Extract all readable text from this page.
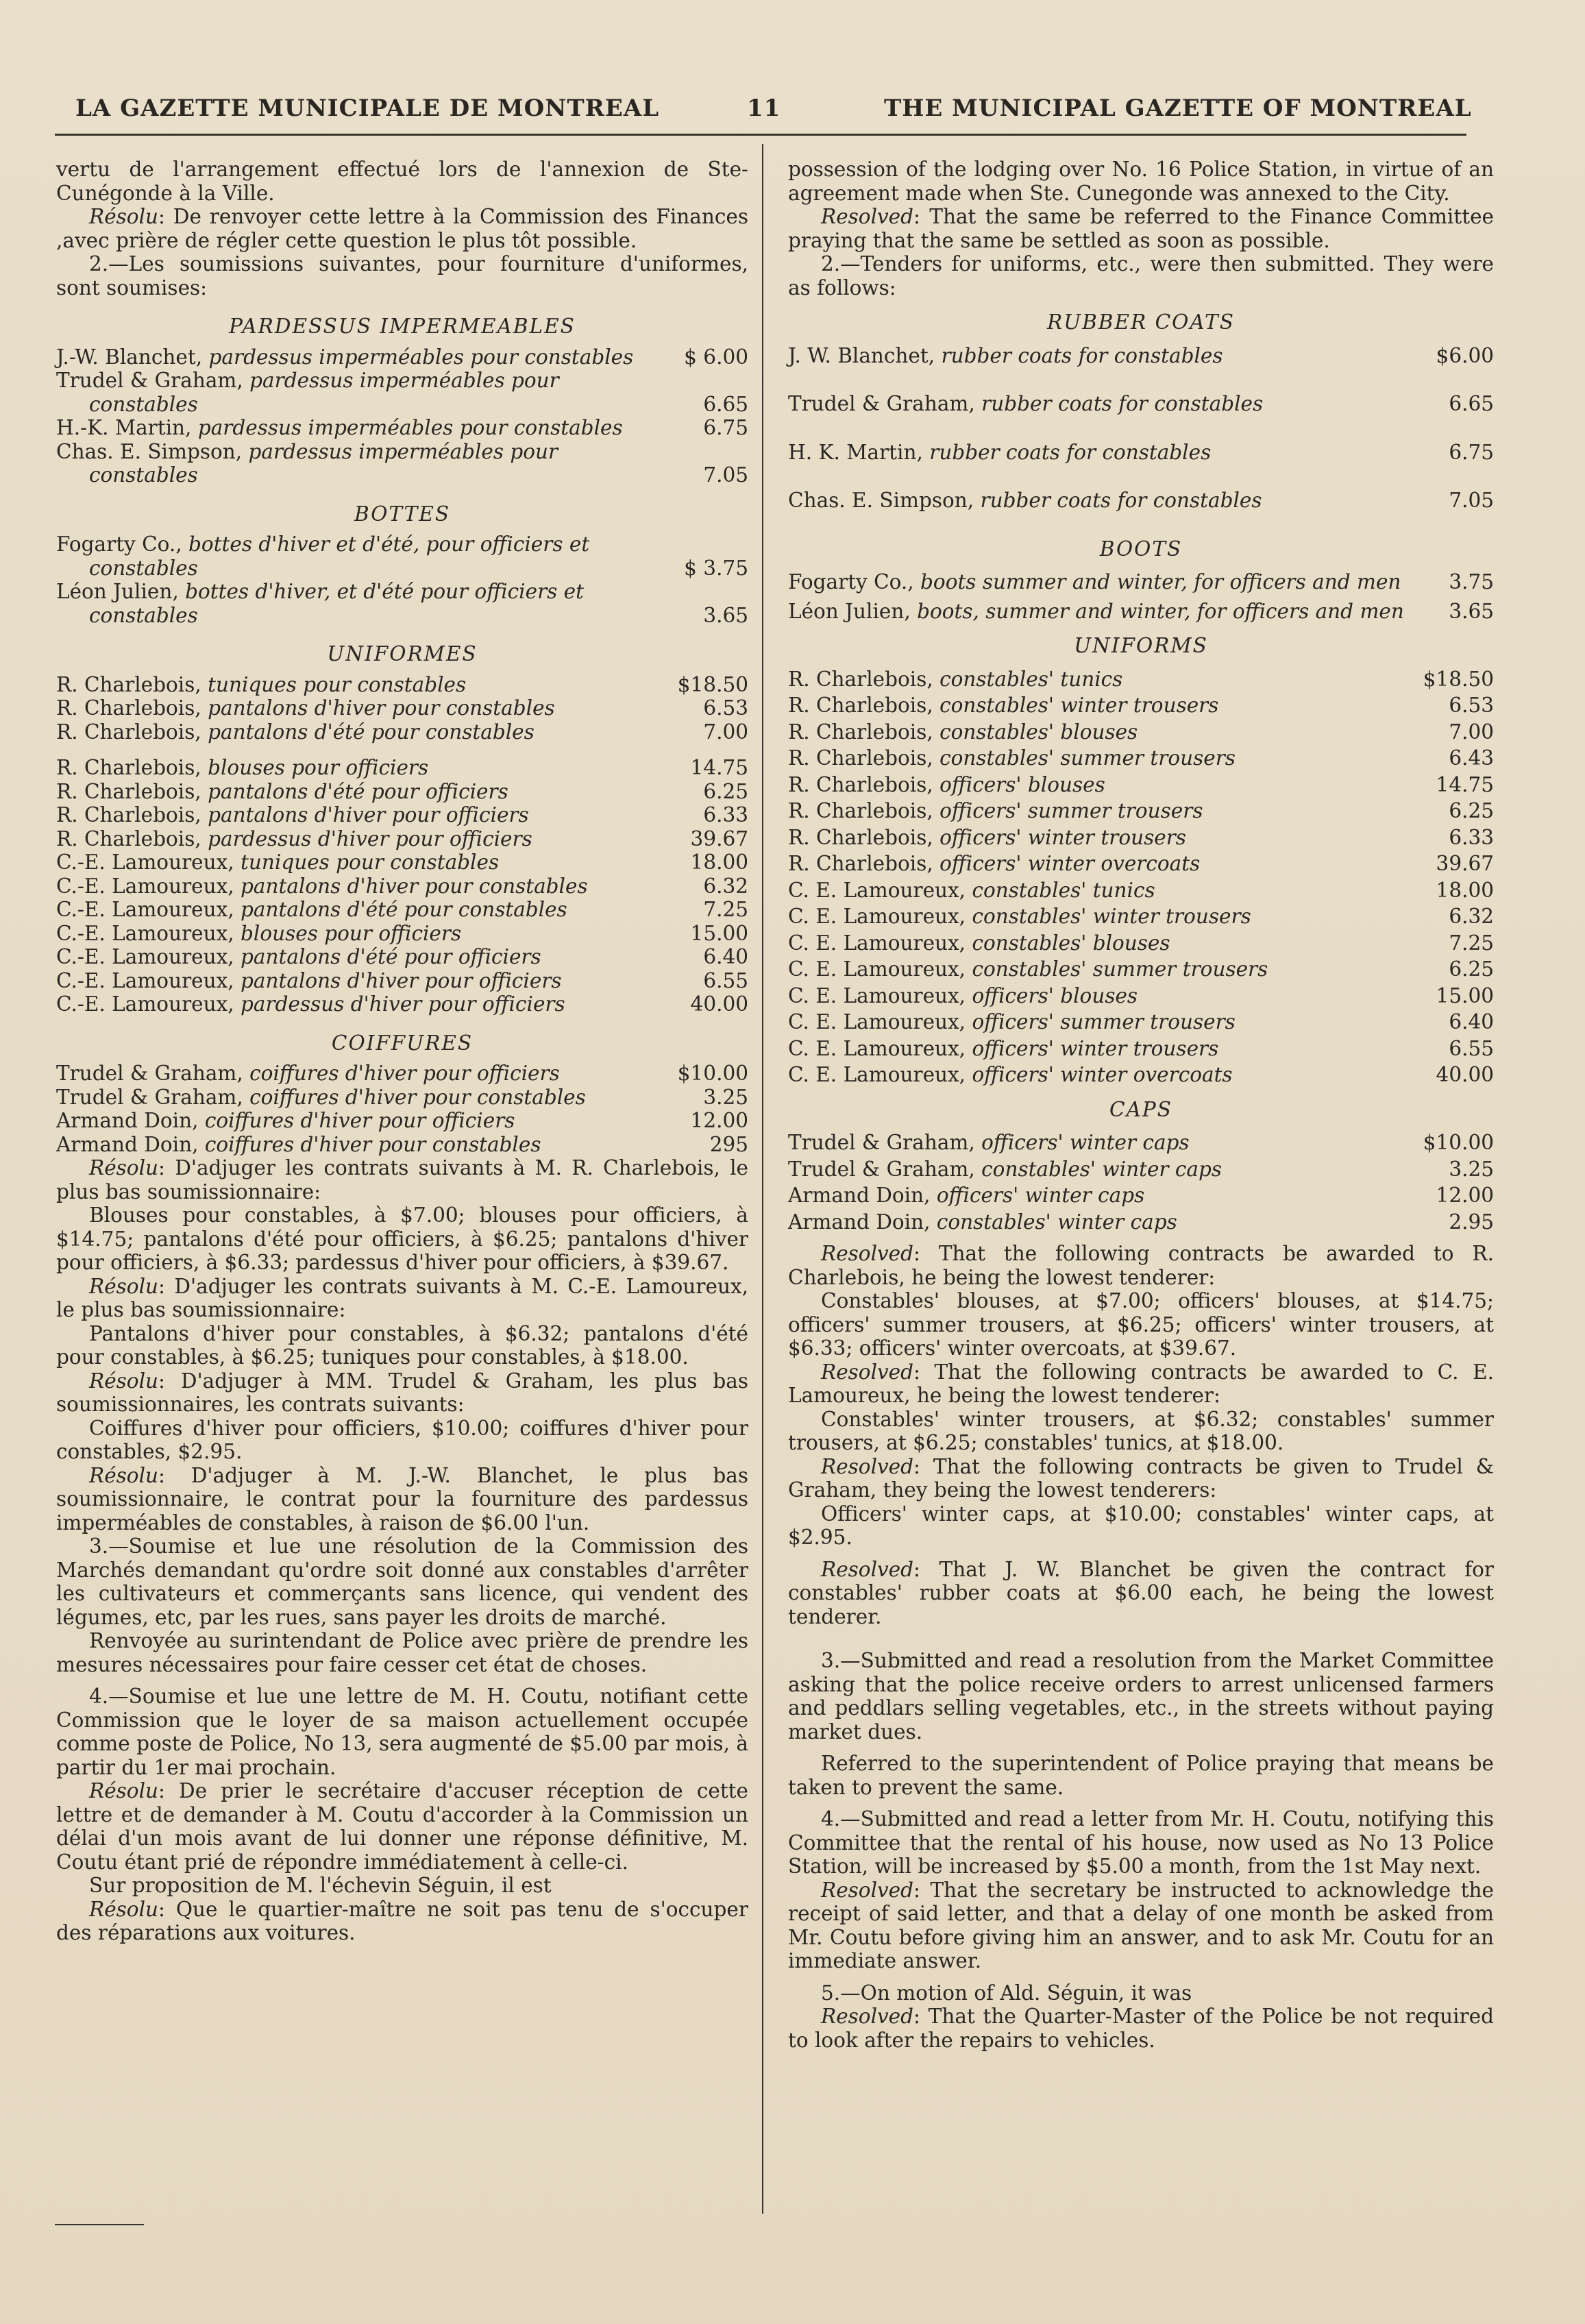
LA GAZETTE MUNICIPALE DE MONTREAL	11	THE MUNICIPAL GAZETTE OF MONTREAL

vertu de l'arrangement effectué lors de l'annexion de Ste-Cunégonde à la Ville.

Résolu: De renvoyer cette lettre à la Commission des Finances ,avec prière de régler cette question le plus tôt possible.

2.—Les soumissions suivantes, pour fourniture d'uniformes, sont soumises:

PARDESSUS IMPERMEABLES
J.-W. Blanchet, pardessus imperméables pour constables	$ 6.00
Trudel & Graham, pardessus imperméables pour constables	6.65
H.-K. Martin, pardessus imperméables pour constables	6.75
Chas. E. Simpson, pardessus imperméables pour constables	7.05
BOTTES
Fogarty Co., bottes d'hiver et d'été, pour officiers et constables	$ 3.75
Léon Julien, bottes d'hiver, et d'été pour officiers et constables	3.65
UNIFORMES
R. Charlebois, tuniques pour constables	$18.50
R. Charlebois, pantalons d'hiver pour constables	6.53
R. Charlebois, pantalons d'été pour constables	7.00
R. Charlebois, blouses pour officiers	14.75
R. Charlebois, pantalons d'été pour officiers	6.25
R. Charlebois, pantalons d'hiver pour officiers	6.33
R. Charlebois, pardessus d'hiver pour officiers	39.67
C.-E. Lamoureux, tuniques pour constables	18.00
C.-E. Lamoureux, pantalons d'hiver pour constables	6.32
C.-E. Lamoureux, pantalons d'été pour constables	7.25
C.-E. Lamoureux, blouses pour officiers	15.00
C.-E. Lamoureux, pantalons d'été pour officiers	6.40
C.-E. Lamoureux, pantalons d'hiver pour officiers	6.55
C.-E. Lamoureux, pardessus d'hiver pour officiers	40.00
COIFFURES
Trudel & Graham, coiffures d'hiver pour officiers	$10.00
Trudel & Graham, coiffures d'hiver pour constables	3.25
Armand Doin, coiffures d'hiver pour officiers	12.00
Armand Doin, coiffures d'hiver pour constables	295

Résolu: D'adjuger les contrats suivants à M. R. Charlebois, le plus bas soumissionnaire:

Blouses pour constables, à $7.00; blouses pour officiers, à $14.75; pantalons d'été pour officiers, à $6.25; pantalons d'hiver pour officiers, à $6.33; pardessus d'hiver pour officiers, à $39.67.

Résolu: D'adjuger les contrats suivants à M. C.-E. Lamoureux, le plus bas soumissionnaire:

Pantalons d'hiver pour constables, à $6.32; pantalons d'été pour constables, à $6.25; tuniques pour constables, à $18.00.

Résolu: D'adjuger à MM. Trudel & Graham, les plus bas soumissionnaires, les contrats suivants:

Coiffures d'hiver pour officiers, $10.00; coiffures d'hiver pour constables, $2.95.

Résolu: D'adjuger à M. J.-W. Blanchet, le plus bas soumissionnaire, le contrat pour la fourniture des pardessus imperméables de constables, à raison de $6.00 l'un.

3.—Soumise et lue une résolution de la Commission des Marchés demandant qu'ordre soit donné aux constables d'arrêter les cultivateurs et commerçants sans licence, qui vendent des légumes, etc, par les rues, sans payer les droits de marché.

Renvoyée au surintendant de Police avec prière de prendre les mesures nécessaires pour faire cesser cet état de choses.

4.—Soumise et lue une lettre de M. H. Coutu, notifiant cette Commission que le loyer de sa maison actuellement occupée comme poste de Police, No 13, sera augmenté de $5.00 par mois, à partir du 1er mai prochain.

Résolu: De prier le secrétaire d'accuser réception de cette lettre et de demander à M. Coutu d'accorder à la Commission un délai d'un mois avant de lui donner une réponse définitive, M. Coutu étant prié de répondre immédiatement à celle-ci.

Sur proposition de M. l'échevin Séguin, il est

Résolu: Que le quartier-maître ne soit pas tenu de s'occuper des réparations aux voitures.

possession of the lodging over No. 16 Police Station, in virtue of an agreement made when Ste. Cunegonde was annexed to the City.

Resolved: That the same be referred to the Finance Committee praying that the same be settled as soon as possible.

2.—Tenders for uniforms, etc., were then submitted. They were as follows:

RUBBER COATS
J. W. Blanchet, rubber coats for constables	$6.00
Trudel & Graham, rubber coats for constables	6.65
H. K. Martin, rubber coats for constables	6.75
Chas. E. Simpson, rubber coats for constables	7.05
BOOTS
Fogarty Co., boots summer and winter, for officers and men	3.75
Léon Julien, boots, summer and winter, for officers and men	3.65
UNIFORMS
R. Charlebois, constables' tunics	$18.50
R. Charlebois, constables' winter trousers	6.53
R. Charlebois, constables' blouses	7.00
R. Charlebois, constables' summer trousers	6.43
R. Charlebois, officers' blouses	14.75
R. Charlebois, officers' summer trousers	6.25
R. Charlebois, officers' winter trousers	6.33
R. Charlebois, officers' winter overcoats	39.67
C. E. Lamoureux, constables' tunics	18.00
C. E. Lamoureux, constables' winter trousers	6.32
C. E. Lamoureux, constables' blouses	7.25
C. E. Lamoureux, constables' summer trousers	6.25
C. E. Lamoureux, officers' blouses	15.00
C. E. Lamoureux, officers' summer trousers	6.40
C. E. Lamoureux, officers' winter trousers	6.55
C. E. Lamoureux, officers' winter overcoats	40.00
CAPS
Trudel & Graham, officers' winter caps	$10.00
Trudel & Graham, constables' winter caps	3.25
Armand Doin, officers' winter caps	12.00
Armand Doin, constables' winter caps	2.95

Resolved: That the following contracts be awarded to R. Charlebois, he being the lowest tenderer:

Constables' blouses, at $7.00; officers' blouses, at $14.75; officers' summer trousers, at $6.25; officers' winter trousers, at $6.33; officers' winter overcoats, at $39.67.

Resolved: That the following contracts be awarded to C. E. Lamoureux, he being the lowest tenderer:

Constables' winter trousers, at $6.32; constables' summer trousers, at $6.25; constables' tunics, at $18.00.

Resolved: That the following contracts be given to Trudel & Graham, they being the lowest tenderers:

Officers' winter caps, at $10.00; constables' winter caps, at $2.95.

Resolved: That J. W. Blanchet be given the contract for constables' rubber coats at $6.00 each, he being the lowest tenderer.

3.—Submitted and read a resolution from the Market Committee asking that the police receive orders to arrest unlicensed farmers and peddlars selling vegetables, etc., in the streets without paying market dues.

Referred to the superintendent of Police praying that means be taken to prevent the same.

4.—Submitted and read a letter from Mr. H. Coutu, notifying this Committee that the rental of his house, now used as No 13 Police Station, will be increased by $5.00 a month, from the 1st May next.

Resolved: That the secretary be instructed to acknowledge the receipt of said letter, and that a delay of one month be asked from Mr. Coutu before giving him an answer, and to ask Mr. Coutu for an immediate answer.

5.—On motion of Ald. Séguin, it was

Resolved: That the Quarter-Master of the Police be not required to look after the repairs to vehicles.
